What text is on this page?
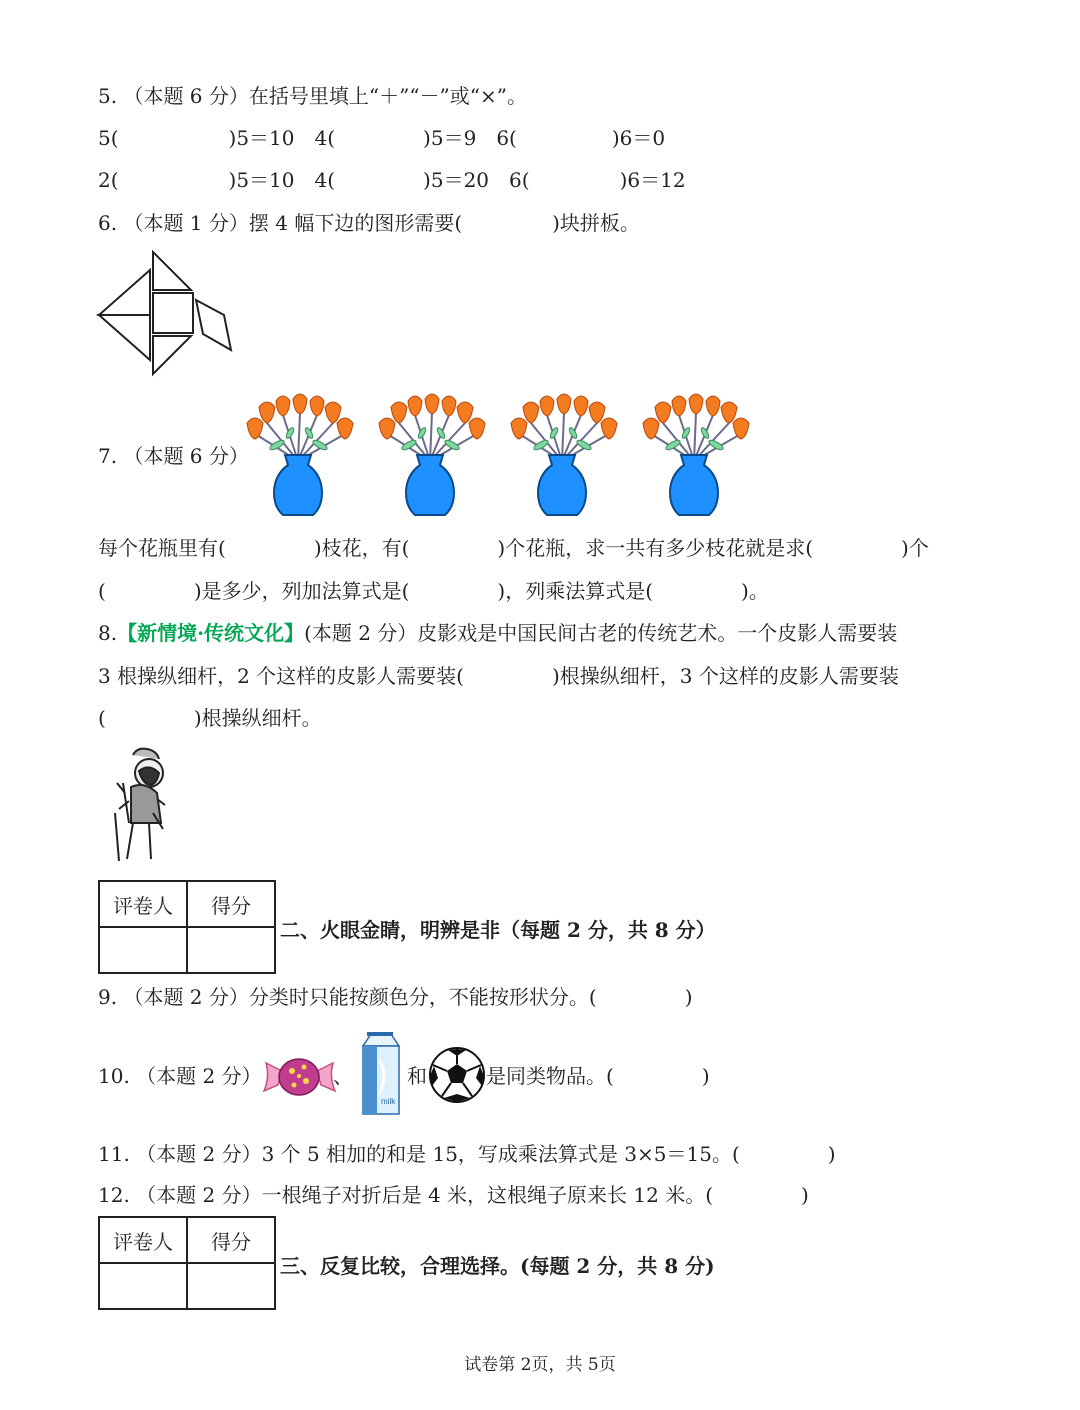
5. （本题 6 分）在括号里填上“＋”“－”或“×”。
5(	)5＝10 4(	)5＝9 6(	)6＝0
2(	)5＝10 4(	)5＝20 6(	)6＝12
6. （本题 1 分）摆 4 幅下边的图形需要(	)块拼板。
7. （本题 6 分）
每个花瓶里有(	)枝花，有(	)个花瓶，求一共有多少枝花就是求(	)个
(	)是多少，列加法算式是(	)，列乘法算式是(	)。
8.【新情境·传统文化】(本题 2 分）皮影戏是中国民间古老的传统艺术。一个皮影人需要装
3 根操纵细杆，2 个这样的皮影人需要装(	)根操纵细杆，3 个这样的皮影人需要装
(	)根操纵细杆。
评卷人	得分

二、火眼金睛，明辨是非（每题 2 分，共 8 分）
9. （本题 2 分）分类时只能按颜色分，不能按形状分。(	)
10. （本题 2 分）	、
milk
和	是同类物品。(	)
11. （本题 2 分）3 个 5 相加的和是 15，写成乘法算式是 3×5＝15。(	)
12. （本题 2 分）一根绳子对折后是 4 米，这根绳子原来长 12 米。(	)
评卷人	得分

三、反复比较，合理选择。(每题 2 分，共 8 分)
试卷第 2页，共 5页
